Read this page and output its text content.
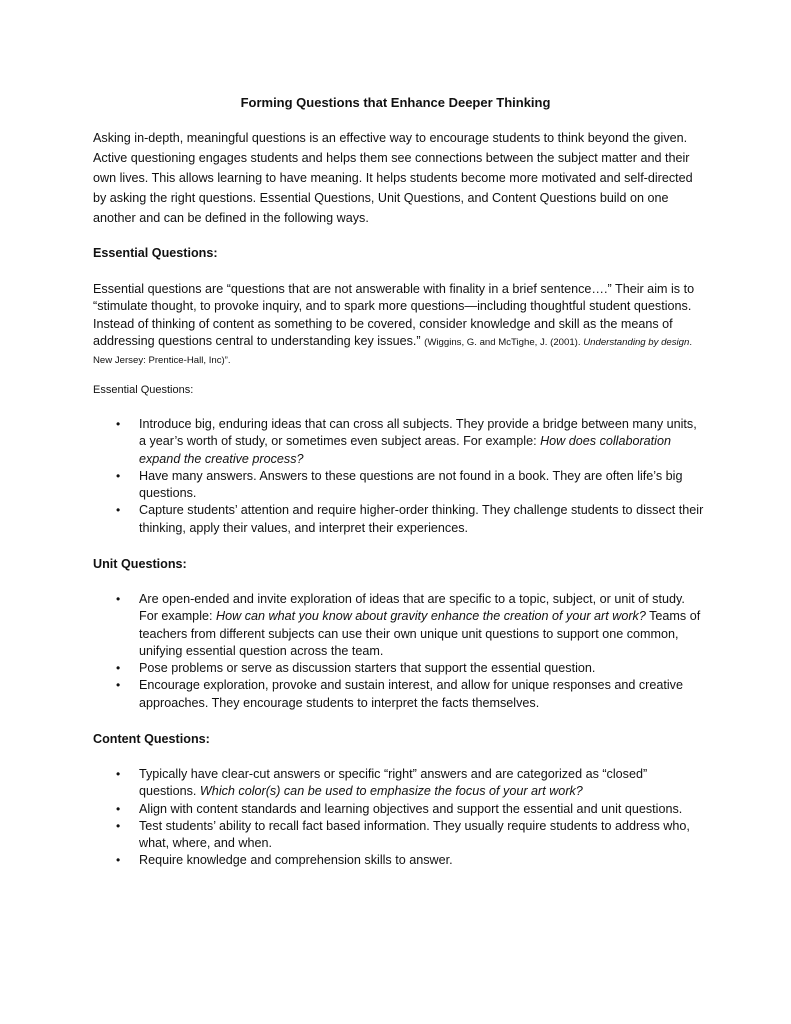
Forming Questions that Enhance Deeper Thinking

Asking in-depth, meaningful questions is an effective way to encourage students to think beyond the given. Active questioning engages students and helps them see connections between the subject matter and their own lives. This allows learning to have meaning. It helps students become more motivated and self-directed by asking the right questions. Essential Questions, Unit Questions, and Content Questions build on one another and can be defined in the following ways.

Essential Questions:

Essential questions are “questions that are not answerable with finality in a brief sentence….” Their aim is to “stimulate thought, to provoke inquiry, and to spark more questions—including thoughtful student questions. Instead of thinking of content as something to be covered, consider knowledge and skill as the means of addressing questions central to understanding key issues.” (Wiggins, G. and McTighe, J. (2001). Understanding by design. New Jersey: Prentice-Hall, Inc)”.

Essential Questions:
• Introduce big, enduring ideas that can cross all subjects. They provide a bridge between many units, a year’s worth of study, or sometimes even subject areas. For example: How does collaboration expand the creative process?
• Have many answers. Answers to these questions are not found in a book. They are often life’s big questions.
• Capture students’ attention and require higher-order thinking. They challenge students to dissect their thinking, apply their values, and interpret their experiences.
Unit Questions:
• Are open-ended and invite exploration of ideas that are specific to a topic, subject, or unit of study. For example: How can what you know about gravity enhance the creation of your art work? Teams of teachers from different subjects can use their own unique unit questions to support one common, unifying essential question across the team.
• Pose problems or serve as discussion starters that support the essential question.
• Encourage exploration, provoke and sustain interest, and allow for unique responses and creative approaches. They encourage students to interpret the facts themselves.
Content Questions:
• Typically have clear-cut answers or specific “right” answers and are categorized as “closed” questions. Which color(s) can be used to emphasize the focus of your art work?
• Align with content standards and learning objectives and support the essential and unit questions.
• Test students’ ability to recall fact based information. They usually require students to address who, what, where, and when.
• Require knowledge and comprehension skills to answer.
